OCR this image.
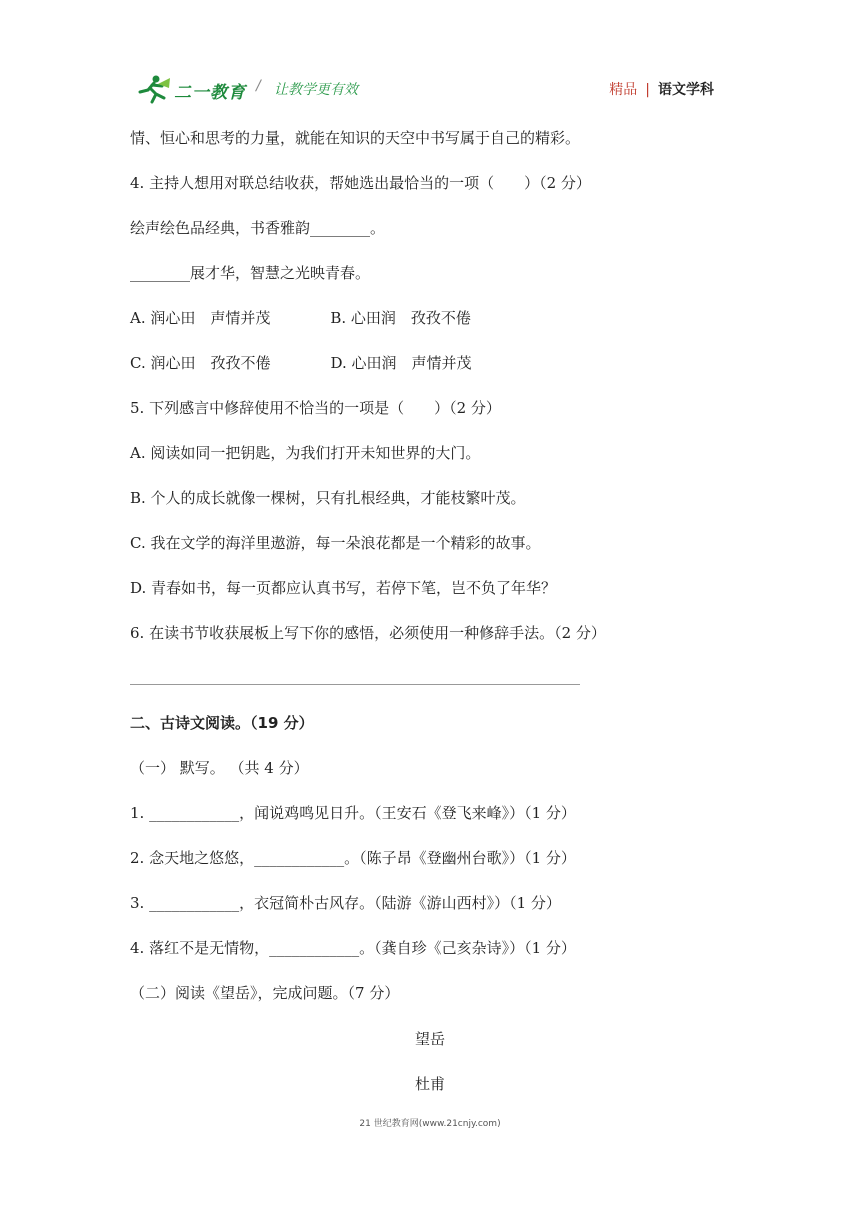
二一教育 / 让教学更有效	精品 | 语文学科
情、恒心和思考的力量，就能在知识的天空中书写属于自己的精彩。
4. 主持人想用对联总结收获，帮她选出最恰当的一项（　　）（2 分）
绘声绘色品经典，书香雅韵________。
________展才华，智慧之光映青春。
A. 润心田　声情并茂　　　　B. 心田润　孜孜不倦
C. 润心田　孜孜不倦　　　　D. 心田润　声情并茂
5. 下列感言中修辞使用不恰当的一项是（　　）（2 分）
A. 阅读如同一把钥匙，为我们打开未知世界的大门。
B. 个人的成长就像一棵树，只有扎根经典，才能枝繁叶茂。
C. 我在文学的海洋里遨游，每一朵浪花都是一个精彩的故事。
D. 青春如书，每一页都应认真书写，若停下笔，岂不负了年华？
6. 在读书节收获展板上写下你的感悟，必须使用一种修辞手法。（2 分）
二、古诗文阅读。（19 分）
（一） 默写。 （共 4 分）
1. ____________，闻说鸡鸣见日升。（王安石《登飞来峰》）（1 分）
2. 念天地之悠悠，____________。（陈子昂《登幽州台歌》）（1 分）
3. ____________，衣冠简朴古风存。（陆游《游山西村》）（1 分）
4. 落红不是无情物，____________。（龚自珍《己亥杂诗》）（1 分）
（二）阅读《望岳》，完成问题。（7 分）
望岳
杜甫
21 世纪教育网(www.21cnjy.com)
